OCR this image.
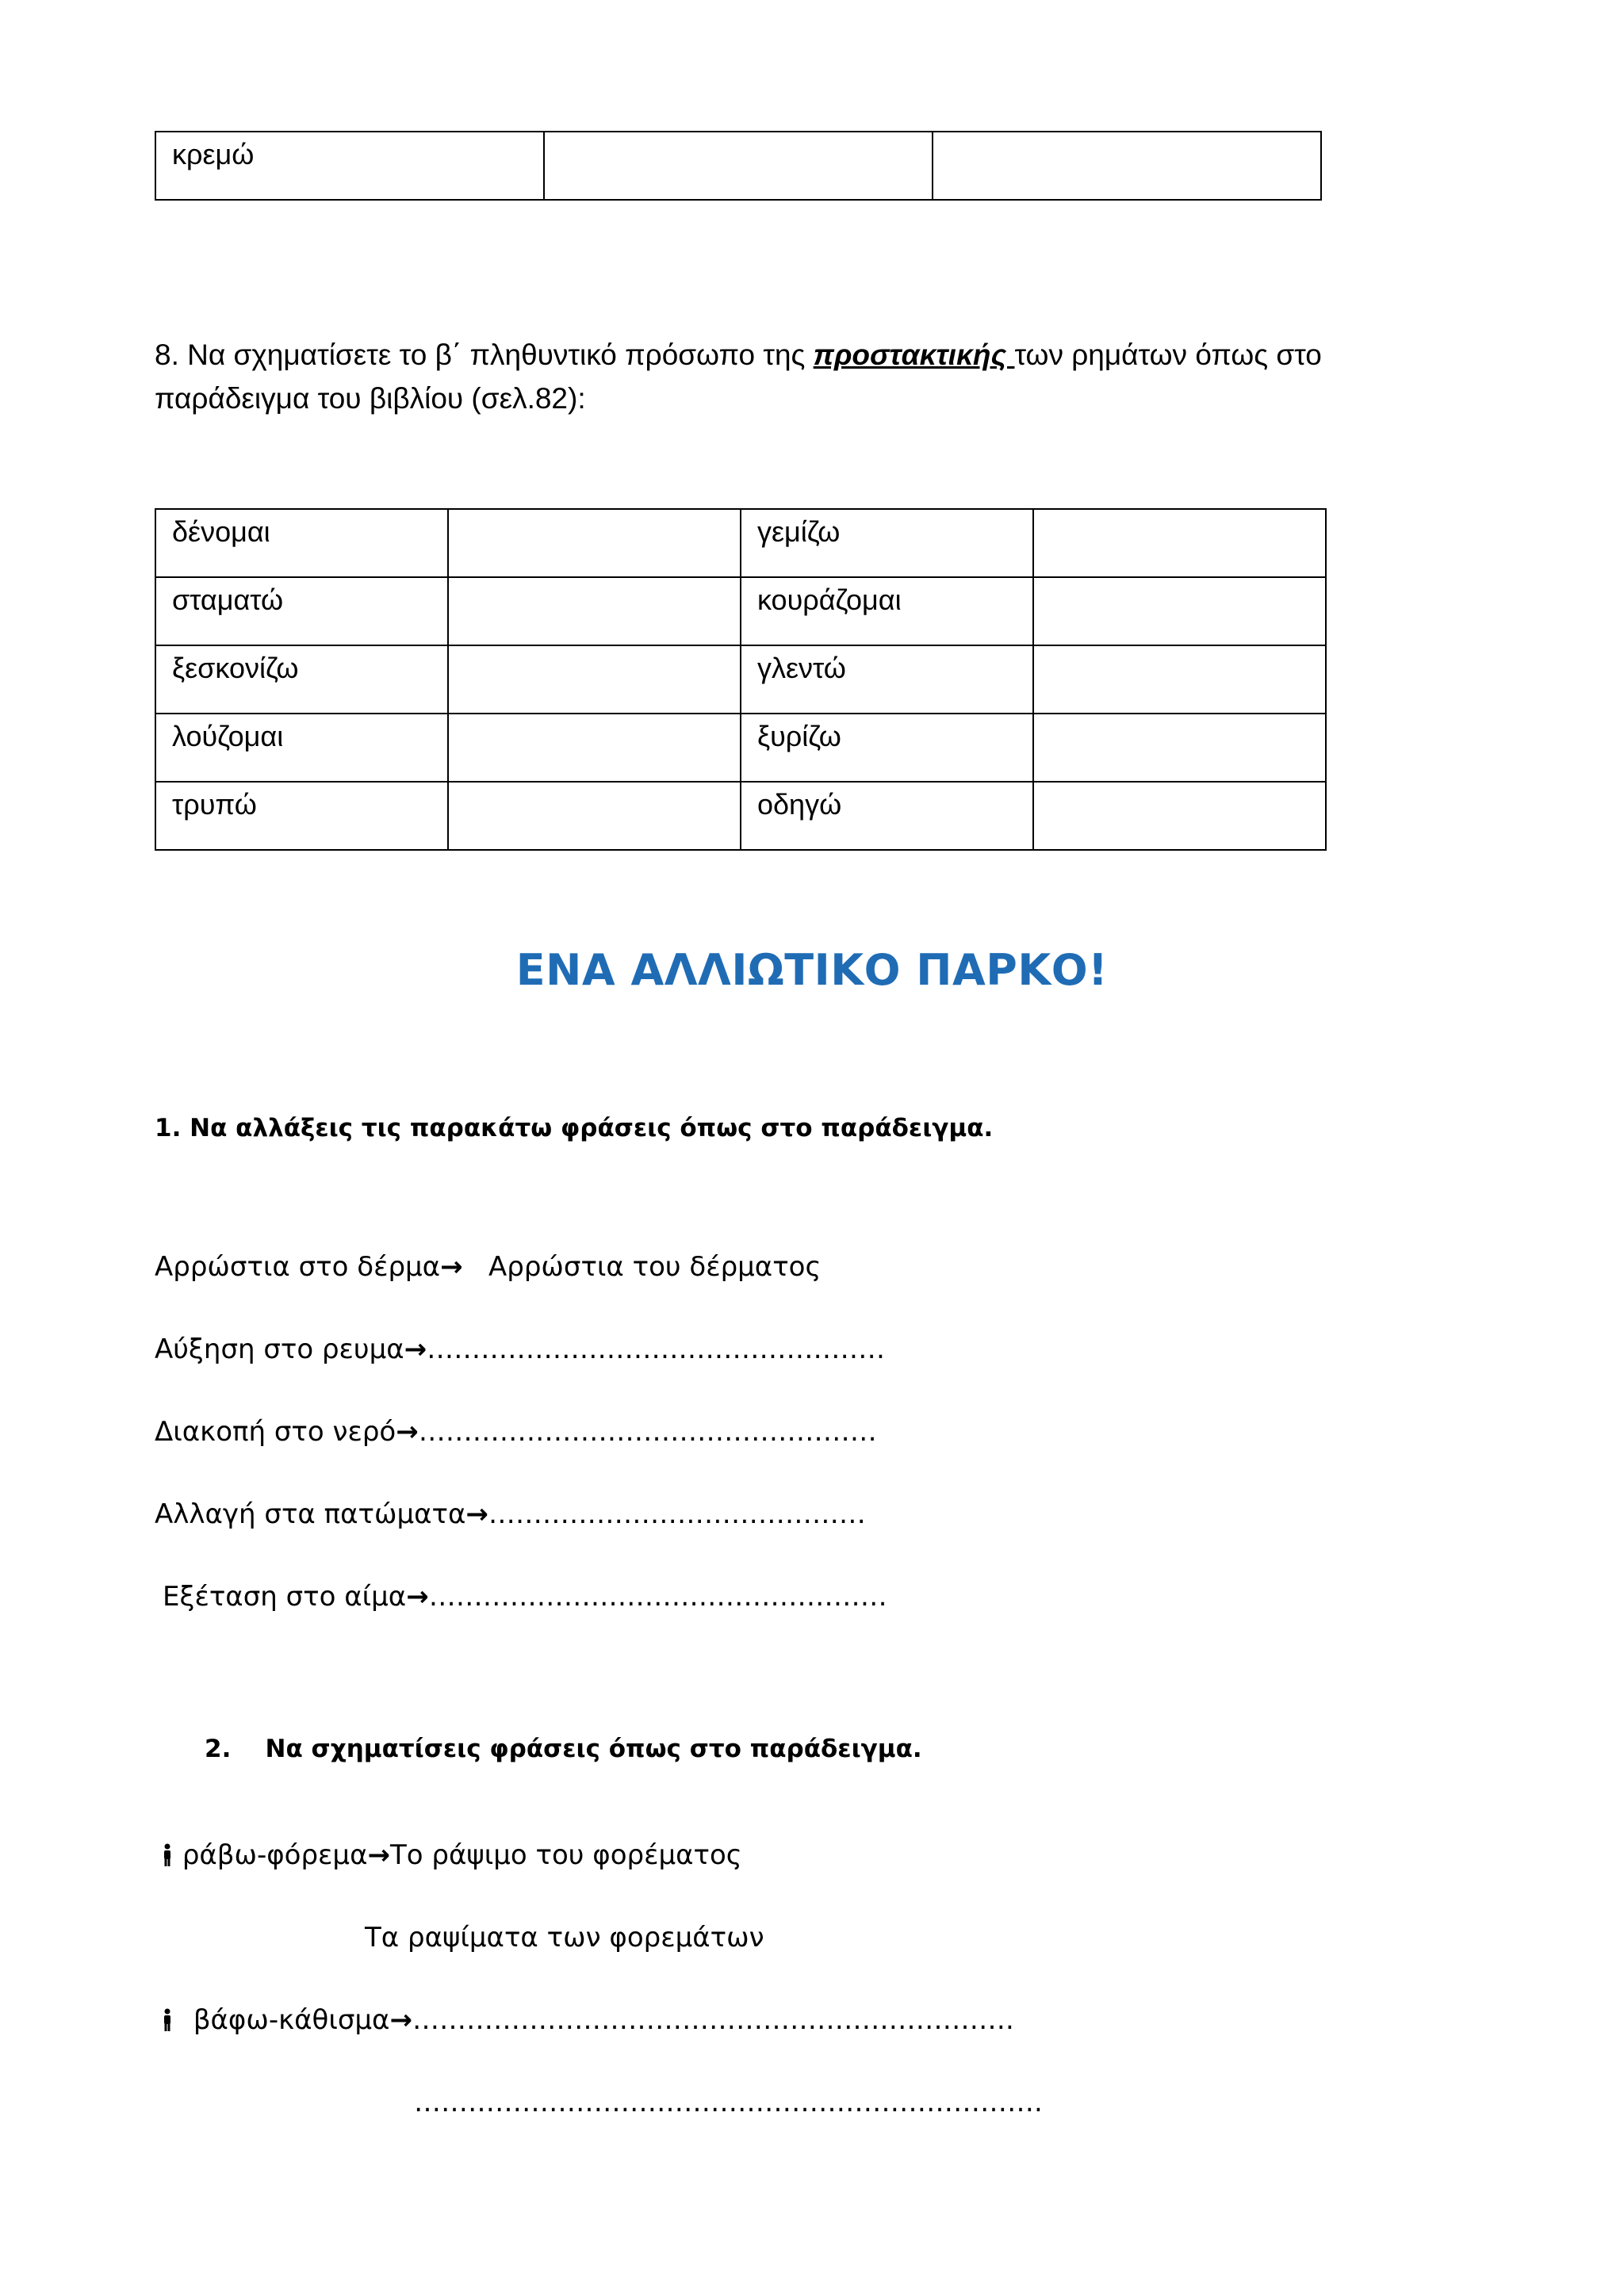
κρεμώ		
8. Να σχηματίσετε το β΄ πληθυντικό πρόσωπο της προστακτικής των ρημάτων όπως στο παράδειγμα του βιβλίου (σελ.82):
δένομαι		γεμίζω	
σταματώ		κουράζομαι	
ξεσκονίζω		γλεντώ	
λούζομαι		ξυρίζω	
τρυπώ		οδηγώ	
ΕΝΑ ΑΛΛΙΩΤΙΚΟ ΠΑΡΚΟ!
1. Να αλλάξεις τις παρακάτω φράσεις όπως στο παράδειγμα.
Αρρώστια στο δέρμα→   Αρρώστια του δέρματος
Αύξηση στο ρευμα→……………………………………………
Διακοπή στο νερό→……………………………………………
Αλλαγή στα πατώματα→……………………………………
Εξέταση στο αίμα→……………………………………………
2.    Να σχηματίσεις φράσεις όπως στο παράδειγμα.
ράβω-φόρεμα→Το ράψιμο του φορέματος
Τα ραψίματα των φορεμάτων
βάφω-κάθισμα→………………………………………………………….
…………………………………………………………….
